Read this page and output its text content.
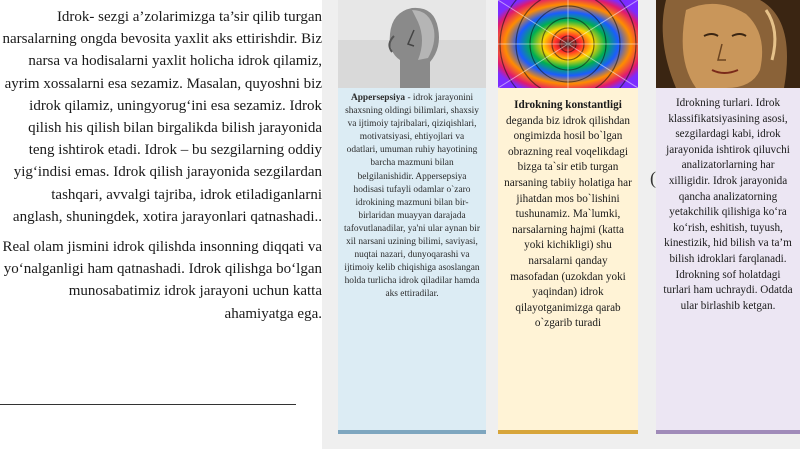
Idrok- sezgi a’zolarimizga ta’sir qilib turgan narsalarning ongda bevosita yaxlit aks ettirishdir. Biz narsa va hodisalarni yaxlit holicha idrok qilamiz, ayrim xossalarni esa sezamiz. Masalan, quyoshni biz idrok qilamiz, uningyorug‘ini esa sezamiz. Idrok qilish his qilish bilan birgalikda bilish jarayonida teng ishtirok etadi. Idrok – bu sezgilarning oddiy yig‘indisi emas. Idrok qilish jarayonida sezgilardan tashqari, avvalgi tajriba, idrok etiladiganlarni anglash, shuningdek, xotira jarayonlari qatnashadi..

Real olam jismini idrok qilishda insonning diqqati va yo‘nalganligi ham qatnashadi. Idrok qilishga bo‘lgan munosabatimiz idrok jarayoni uchun katta ahamiyatga ega.

Appersepsiya - idrok jarayonini shaxsning oldingi bilimlari, shaxsiy va ijtimoiy tajribalari, qiziqishlari, motivatsiyasi, ehtiyojlari va odatlari, umuman ruhiy hayotining barcha mazmuni bilan belgilanishidir. Appersepsiya hodisasi tufayli odamlar o`zaro idrokining mazmuni bilan bir-birlaridan muayyan darajada tafovutlanadilar, ya'ni ular aynan bir xil narsani uzining bilimi, saviyasi, nuqtai nazari, dunyoqarashi va ijtimoiy kelib chiqishiga asoslangan holda turlicha idrok qiladilar hamda aks ettiradilar.
Idrokning konstantligi deganda biz idrok qilishdan ongimizda hosil bo`lgan obrazning real voqelikdagi bizga ta`sir etib turgan narsaning tabiiy holatiga har jihatdan mos bo`lishini tushunamiz. Ma`lumki, narsalarning hajmi (katta yoki kichikligi) shu narsalarni qanday masofadan (uzokdan yoki yaqindan) idrok qilayotganimizga qarab o`zgarib turadi
(
Idrokning turlari. Idrok klassifikatsiyasining asosi, sezgilardagi kabi, idrok jarayonida ishtirok qiluvchi analizatorlarning har xilligidir. Idrok jarayonida qancha analizatorning yetakchilik qilishiga ko‘ra ko‘rish, eshitish, tuyush, kinestizik, hid bilish va ta’m bilish idroklari farqlanadi. Idrokning sof holatdagi turlari ham uchraydi. Odatda ular birlashib ketgan.
